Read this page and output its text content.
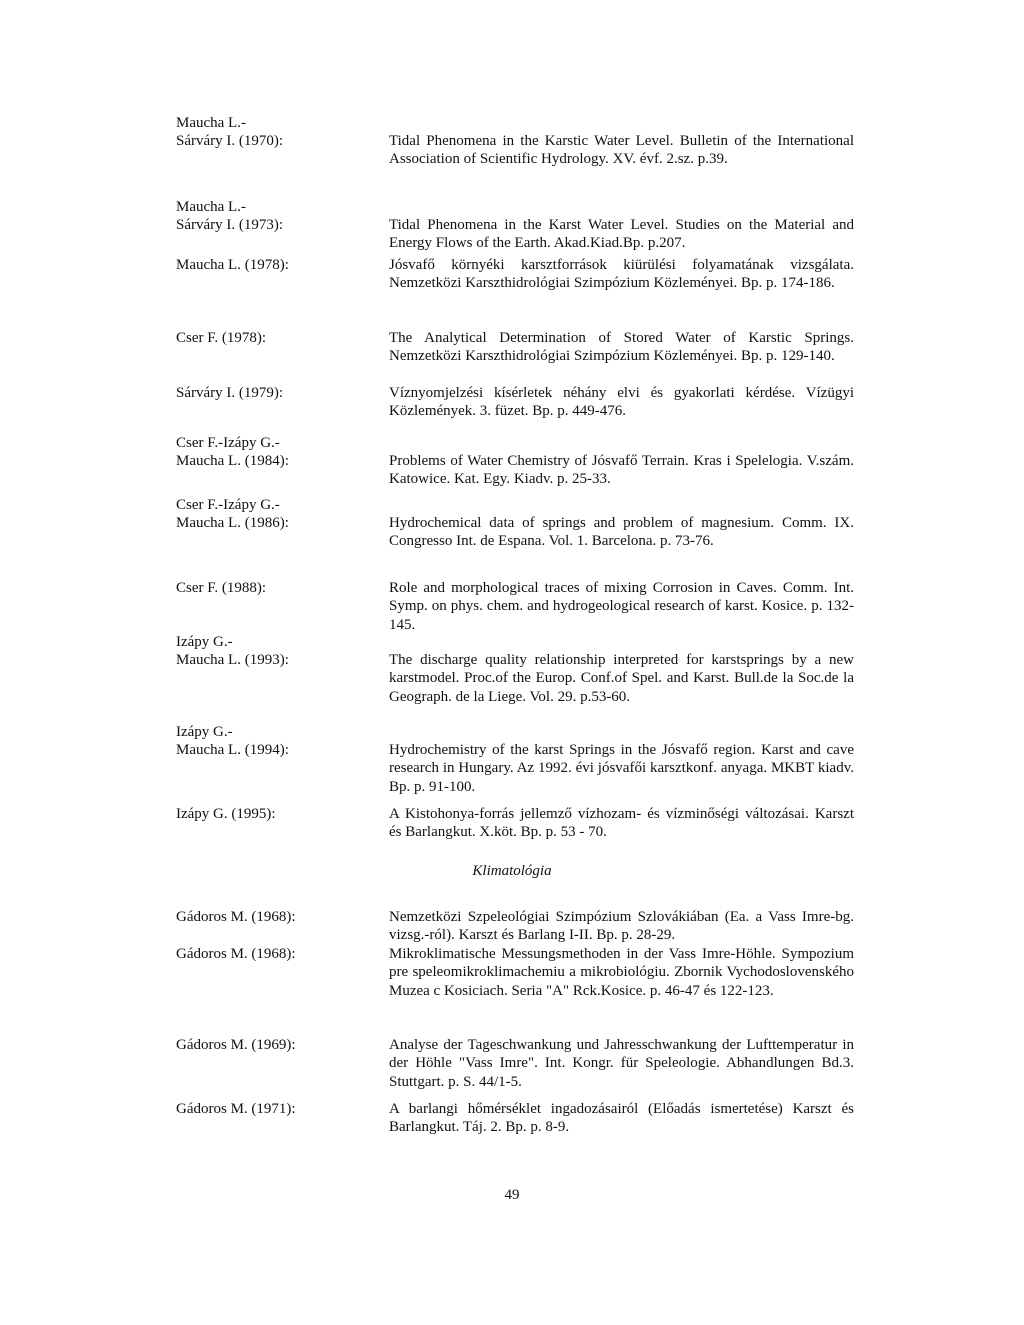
Maucha L.-
Sárváry I. (1970):	Tidal Phenomena in the Karstic Water Level. Bulletin of the International Association of Scientific Hydrology. XV. évf. 2.sz. p.39.
Maucha L.-
Sárváry I. (1973):	Tidal Phenomena in the Karst Water Level. Studies on the Material and Energy Flows of the Earth. Akad.Kiad.Bp. p.207.
Maucha L. (1978):	Jósvafő környéki karsztforrások kiürülési folyamatának vizsgálata. Nemzetközi Karszthidrológiai Szimpózium Közleményei. Bp. p. 174-186.
Cser F. (1978):	The Analytical Determination of Stored Water of Karstic Springs. Nemzetközi Karszthidrológiai Szimpózium Közleményei. Bp. p. 129-140.
Sárváry I. (1979):	Víznyomjelzési kísérletek néhány elvi és gyakorlati kérdése. Vízügyi Közlemények. 3. füzet. Bp. p. 449-476.
Cser F.-Izápy G.-
Maucha L. (1984):	Problems of Water Chemistry of Jósvafő Terrain. Kras i Spelelogia. V.szám. Katowice. Kat. Egy. Kiadv. p. 25-33.
Cser F.-Izápy G.-
Maucha L. (1986):	Hydrochemical data of springs and problem of magnesium. Comm. IX. Congresso Int. de Espana. Vol. 1. Barcelona. p. 73-76.
Cser F. (1988):	Role and morphological traces of mixing Corrosion in Caves. Comm. Int. Symp. on phys. chem. and hydrogeological research of karst. Kosice. p. 132-145.
Izápy G.-
Maucha L. (1993):	The discharge quality relationship interpreted for karstsprings by a new karstmodel. Proc.of the Europ. Conf.of Spel. and Karst. Bull.de la Soc.de la Geograph. de la Liege. Vol. 29. p.53-60.
Izápy G.-
Maucha L. (1994):	Hydrochemistry of the karst Springs in the Jósvafő region. Karst and cave research in Hungary. Az 1992. évi jósvafői karsztkonf. anyaga. MKBT kiadv. Bp. p. 91-100.
Izápy G. (1995):	A Kistohonya-forrás jellemző vízhozam- és vízminőségi változásai. Karszt és Barlangkut. X.köt. Bp. p. 53 - 70.
Klimatológia
Gádoros M. (1968):	Nemzetközi Szpeleológiai Szimpózium Szlovákiában (Ea. a Vass Imre-bg. vizsg.-ról). Karszt és Barlang I-II. Bp. p. 28-29.
Gádoros M. (1968):	Mikroklimatische Messungsmethoden in der Vass Imre-Höhle. Sympozium pre speleomikroklimachemiu a mikrobiológiu. Zbornik Vychodoslovenského Muzea c Kosiciach. Seria "A" Rck.Kosice. p. 46-47 és 122-123.
Gádoros M. (1969):	Analyse der Tageschwankung und Jahresschwankung der Lufttemperatur in der Höhle "Vass Imre". Int. Kongr. für Speleologie. Abhandlungen Bd.3. Stuttgart. p. S. 44/1-5.
Gádoros M. (1971):	A barlangi hőmérséklet ingadozásairól (Előadás ismertetése) Karszt és Barlangkut. Táj. 2. Bp. p. 8-9.
49
